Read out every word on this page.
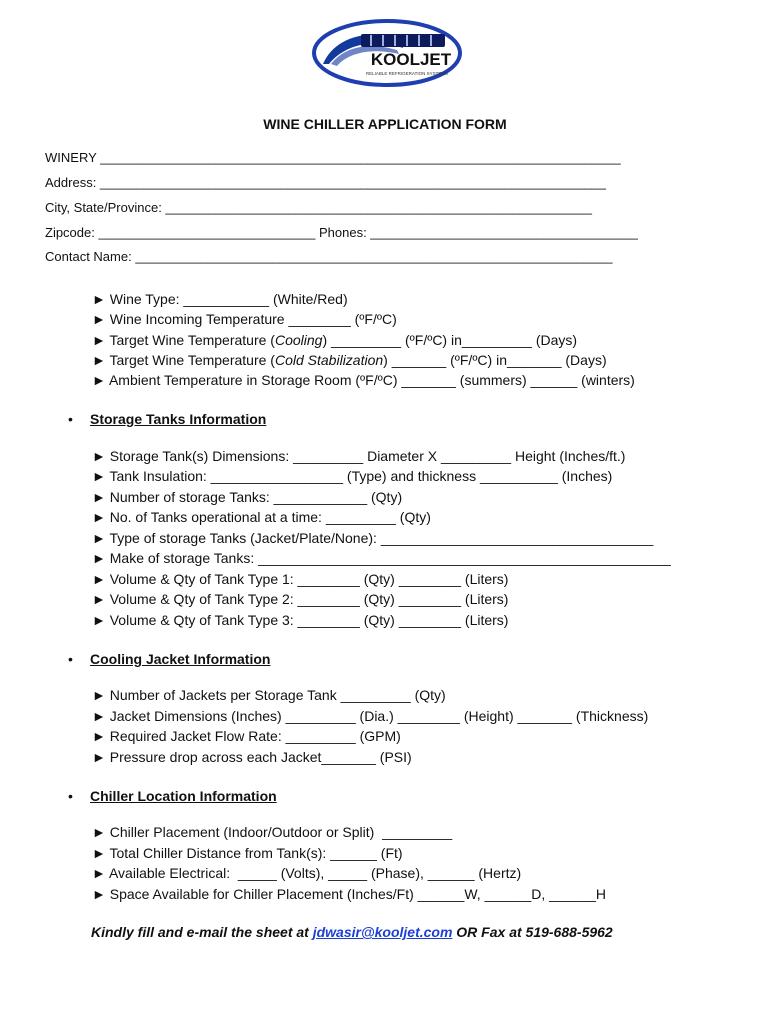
KOOLJET
RELIABLE REFRIGERATION SYSTEMS
WINE CHILLER APPLICATION FORM
WINERY ________________________________________________________________________
Address: ______________________________________________________________________
City, State/Province: ___________________________________________________________
Zipcode: ______________________________ Phones: _____________________________________
Contact Name: __________________________________________________________________
► Wine Type: ___________ (White/Red)
► Wine Incoming Temperature ________ (ºF/ºC)
► Target Wine Temperature (Cooling) _________ (ºF/ºC) in_________ (Days)
► Target Wine Temperature (Cold Stabilization) _______ (ºF/ºC) in_______ (Days)
► Ambient Temperature in Storage Room (ºF/ºC) _______ (summers) ______ (winters)
• Storage Tanks Information
► Storage Tank(s) Dimensions: _________ Diameter X _________ Height (Inches/ft.)
► Tank Insulation: _________________ (Type) and thickness __________ (Inches)
► Number of storage Tanks: ____________ (Qty)
► No. of Tanks operational at a time: _________ (Qty)
► Type of storage Tanks (Jacket/Plate/None): ___________________________________
► Make of storage Tanks: _____________________________________________________
► Volume & Qty of Tank Type 1: ________ (Qty) ________ (Liters)
► Volume & Qty of Tank Type 2: ________ (Qty) ________ (Liters)
► Volume & Qty of Tank Type 3: ________ (Qty) ________ (Liters)
• Cooling Jacket Information
► Number of Jackets per Storage Tank _________ (Qty)
► Jacket Dimensions (Inches) _________ (Dia.) ________ (Height) _______ (Thickness)
► Required Jacket Flow Rate: _________ (GPM)
► Pressure drop across each Jacket_______ (PSI)
• Chiller Location Information
► Chiller Placement (Indoor/Outdoor or Split)  _________
► Total Chiller Distance from Tank(s): ______ (Ft)
► Available Electrical:  _____ (Volts), _____ (Phase), ______ (Hertz)
► Space Available for Chiller Placement (Inches/Ft) ______W, ______D, ______H
Kindly fill and e-mail the sheet at jdwasir@kooljet.com OR Fax at 519-688-5962
